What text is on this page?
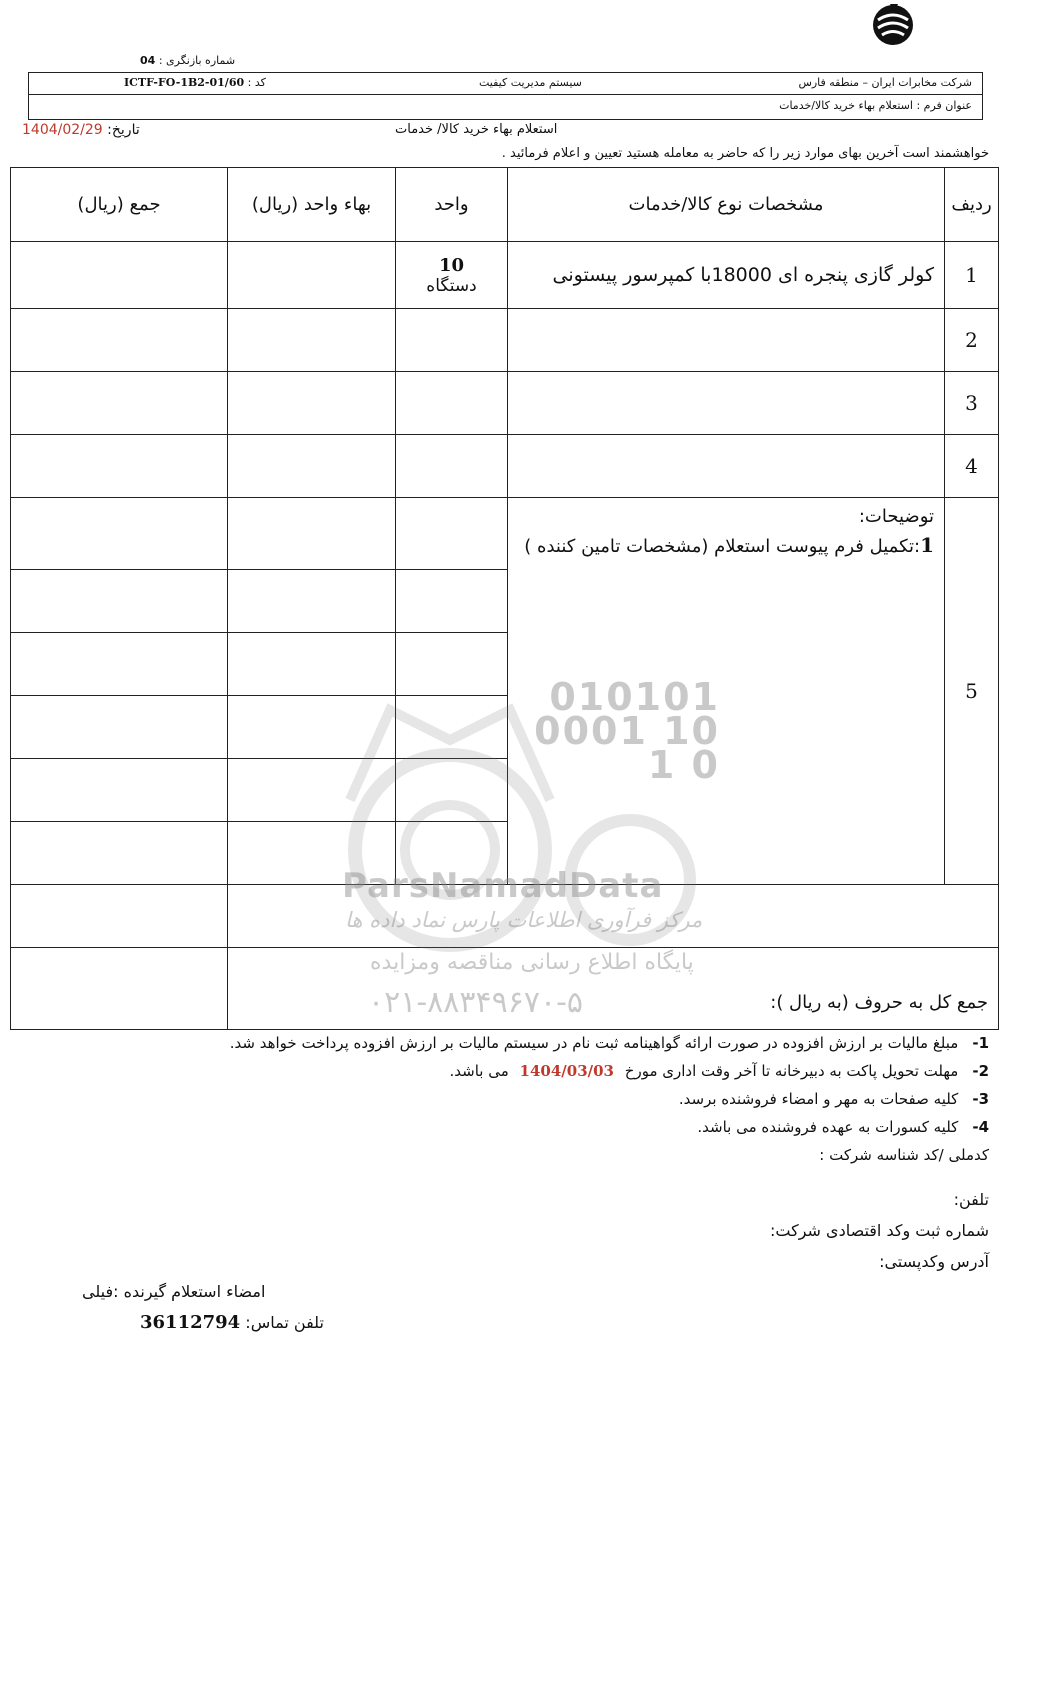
شماره بازنگری : 04
شرکت مخابرات ایران – منطقه فارس
سیستم مدیریت کیفیت
کد : ICTF-FO-1B2-01/60
عنوان فرم : استعلام بهاء خرید کالا/خدمات
استعلام بهاء خرید کالا/ خدمات
تاریخ: 1404/02/29
خواهشمند است آخرین بهای موارد زیر را که حاضر به معامله هستید تعیین و اعلام فرمائید .
ردیف	مشخصات نوع کالا/خدمات	واحد	بهاء واحد (ریال)	جمع (ریال)
1	کولر گازی پنجره ای 18000با کمپرسور پیستونی	10
دستگاه		

2				
3				
4				
5	توضیحات:
1:تکمیل فرم پیوست استعلام (مشخصات تامین کننده )			

جمع کل به حروف (به ریال ):				
010101 0001 10 1 0
ParsNamadData
مرکز فرآوری اطلاعات پارس نماد داده ها
پایگاه اطلاع رسانی مناقصه ومزایده
۰۲۱-۸۸۳۴۹۶۷۰-۵
1-مبلغ مالیات بر ارزش افزوده در صورت ارائه گواهینامه ثبت نام در سیستم مالیات بر ارزش افزوده پرداخت خواهد شد.
2-مهلت تحویل پاکت به دبیرخانه تا آخر وقت اداری مورخ 1404/03/03 می باشد.
3-کلیه صفحات به مهر و امضاء فروشنده برسد.
4-کلیه کسورات به عهده فروشنده می باشد.
کدملی /کد شناسه شرکت :
تلفن:
شماره ثبت وکد اقتصادی شرکت:
آدرس وکدپستی:
امضاء استعلام گیرنده :فیلی
تلفن تماس: 36112794
